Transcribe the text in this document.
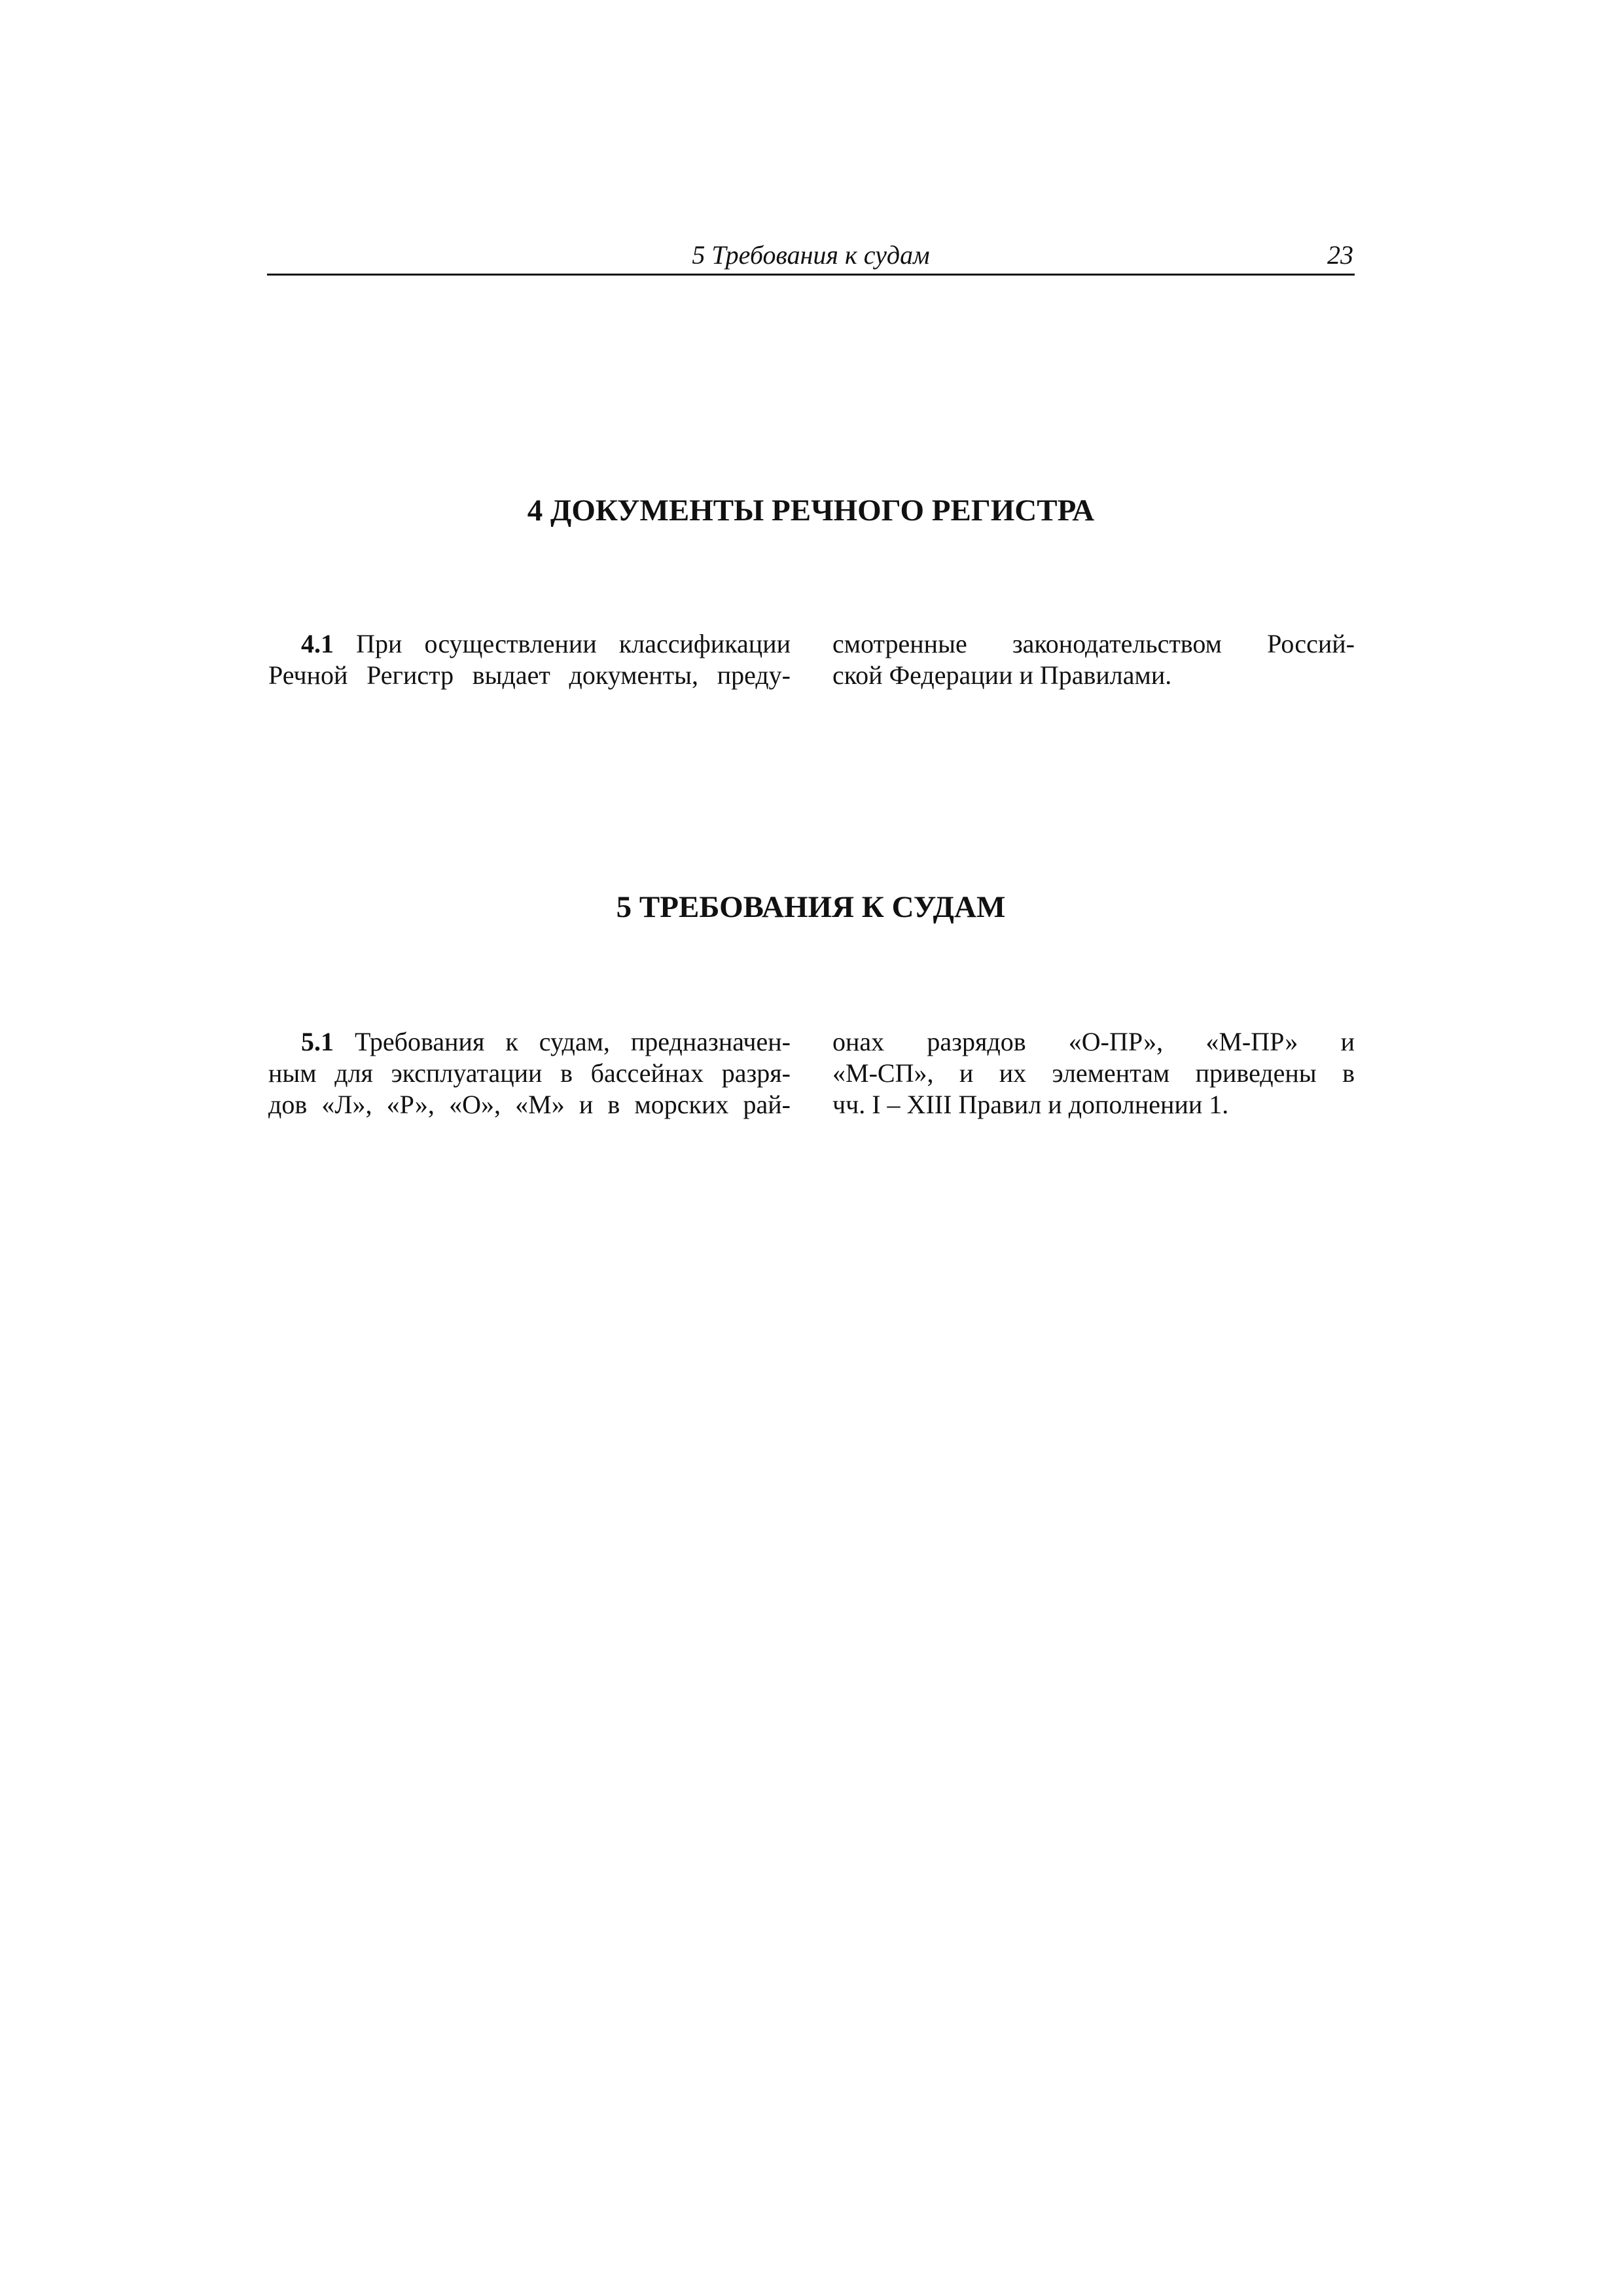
5 Требования к судам	23
4 ДОКУМЕНТЫ РЕЧНОГО РЕГИСТРА
4.1 При осуществлении классификации
Речной Регистр выдает документы, преду-
смотренные законодательством Россий-
ской Федерации и Правилами.
5 ТРЕБОВАНИЯ К СУДАМ
5.1 Требования к судам, предназначен-
ным для эксплуатации в бассейнах разря-
дов «Л», «Р», «О», «М» и в морских рай-
онах разрядов «О-ПР», «М-ПР» и
«М-СП», и их элементам приведены в
чч. I – XIII Правил и дополнении 1.
